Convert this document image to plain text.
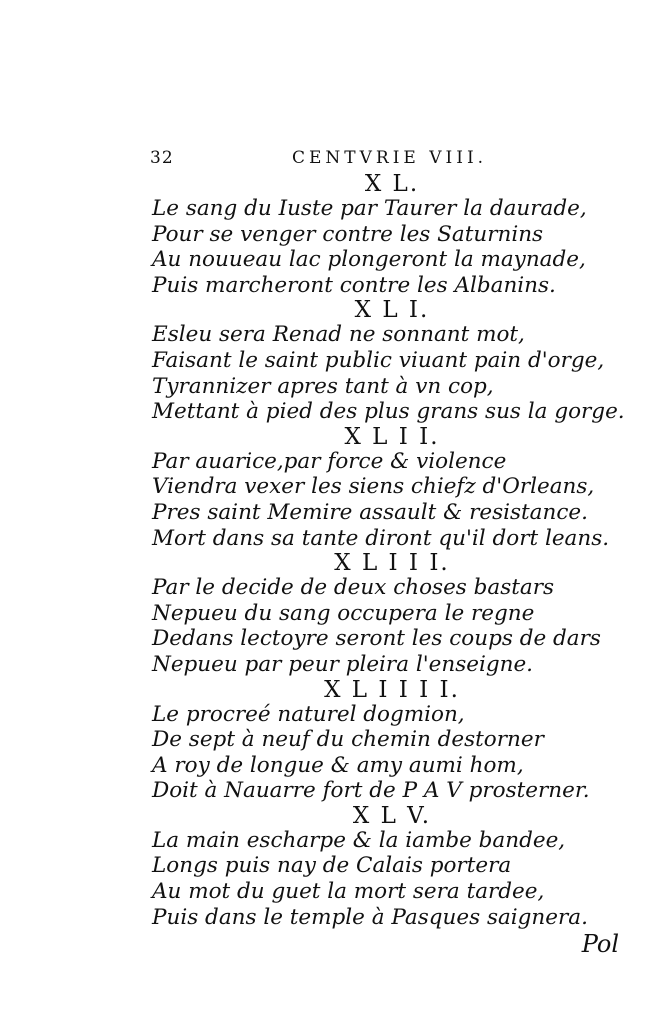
32	CENTVRIE VIII.
X L.
Le sang du Iuste par Taurer la daurade,
Pour se venger contre les Saturnins
Au nouueau lac plongeront la maynade,
Puis marcheront contre les Albanins.
X L I.
Esleu sera Renad ne sonnant mot,
Faisant le saint public viuant pain d'orge,
Tyrannizer apres tant à vn cop,
Mettant à pied des plus grans sus la gorge.
X L I I.
Par auarice,par force & violence
Viendra vexer les siens chiefz d'Orleans,
Pres saint Memire assault & resistance.
Mort dans sa tante diront qu'il dort leans.
X L I I I.
Par le decide de deux choses bastars
Nepueu du sang occupera le regne
Dedans lectoyre seront les coups de dars
Nepueu par peur pleira l'enseigne.
X L I I I I.
Le procreé naturel dogmion,
De sept à neuf du chemin destorner
A roy de longue & amy aumi hom,
Doit à Nauarre fort de P A V prosterner.
X L V.
La main escharpe & la iambe bandee,
Longs puis nay de Calais portera
Au mot du guet la mort sera tardee,
Puis dans le temple à Pasques saignera.
Pol
